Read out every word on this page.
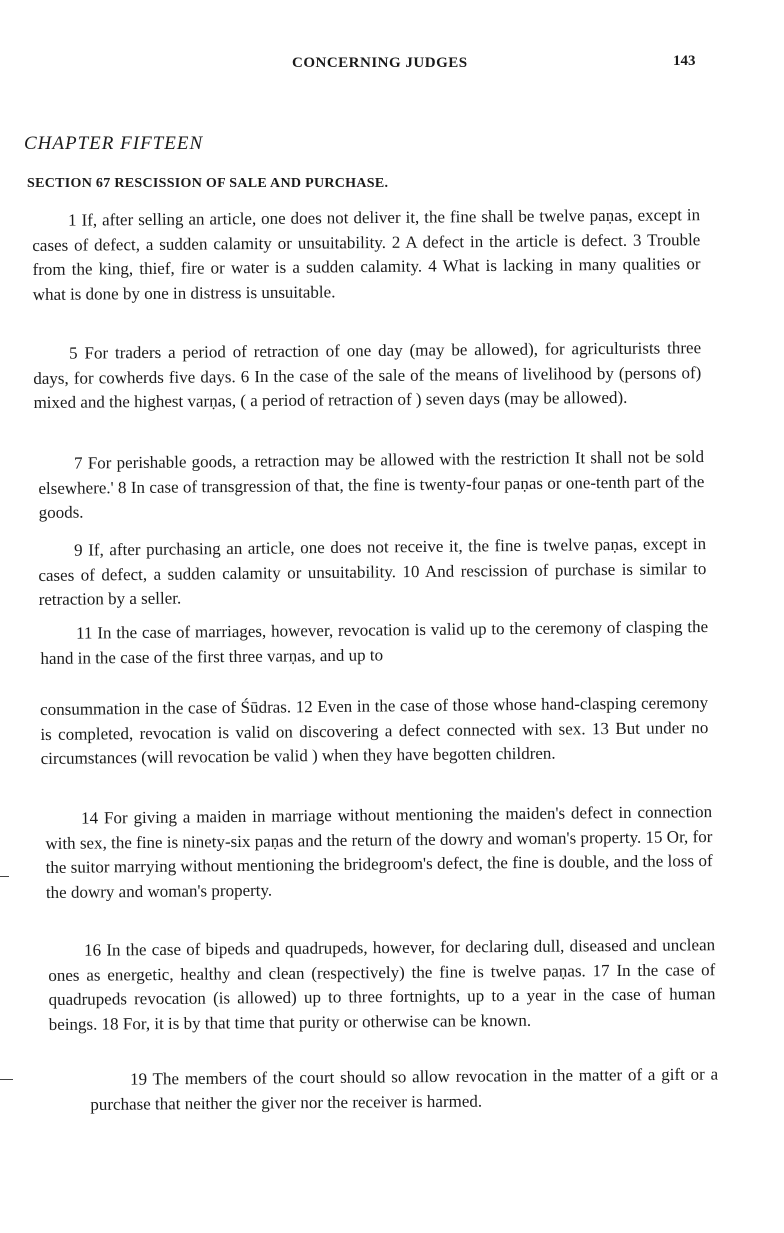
CONCERNING JUDGES	143
CHAPTER FIFTEEN
SECTION 67 RESCISSION OF SALE AND PURCHASE.

1 If, after selling an article, one does not deliver it, the fine shall be twelve paṇas, except in cases of defect, a sudden calamity or unsuitability. 2 A defect in the article is defect. 3 Trouble from the king, thief, fire or water is a sudden calamity. 4 What is lacking in many qualities or what is done by one in distress is unsuitable.

5 For traders a period of retraction of one day (may be allowed), for agriculturists three days, for cowherds five days. 6 In the case of the sale of the means of livelihood by (persons of) mixed and the highest varṇas, ( a period of retraction of ) seven days (may be allowed).

7 For perishable goods, a retraction may be allowed with the restriction It shall not be sold elsewhere.' 8 In case of transgression of that, the fine is twenty-four paṇas or one-tenth part of the goods.

9 If, after purchasing an article, one does not receive it, the fine is twelve paṇas, except in cases of defect, a sudden calamity or unsuitability. 10 And rescission of purchase is similar to retraction by a seller.

11 In the case of marriages, however, revocation is valid up to the ceremony of clasping the hand in the case of the first three varṇas, and up to

consummation in the case of Śūdras. 12 Even in the case of those whose hand-clasping ceremony is completed, revocation is valid on discovering a defect connected with sex. 13 But under no circumstances (will revocation be valid ) when they have begotten children.

14 For giving a maiden in marriage without mentioning the maiden's defect in connection with sex, the fine is ninety-six paṇas and the return of the dowry and woman's property. 15 Or, for the suitor marrying without mentioning the bridegroom's defect, the fine is double, and the loss of the dowry and woman's property.

16 In the case of bipeds and quadrupeds, however, for declaring dull, diseased and unclean ones as energetic, healthy and clean (respectively) the fine is twelve paṇas. 17 In the case of quadrupeds revocation (is allowed) up to three fortnights, up to a year in the case of human beings. 18 For, it is by that time that purity or otherwise can be known.

19 The members of the court should so allow revocation in the matter of a gift or a purchase that neither the giver nor the receiver is harmed.
